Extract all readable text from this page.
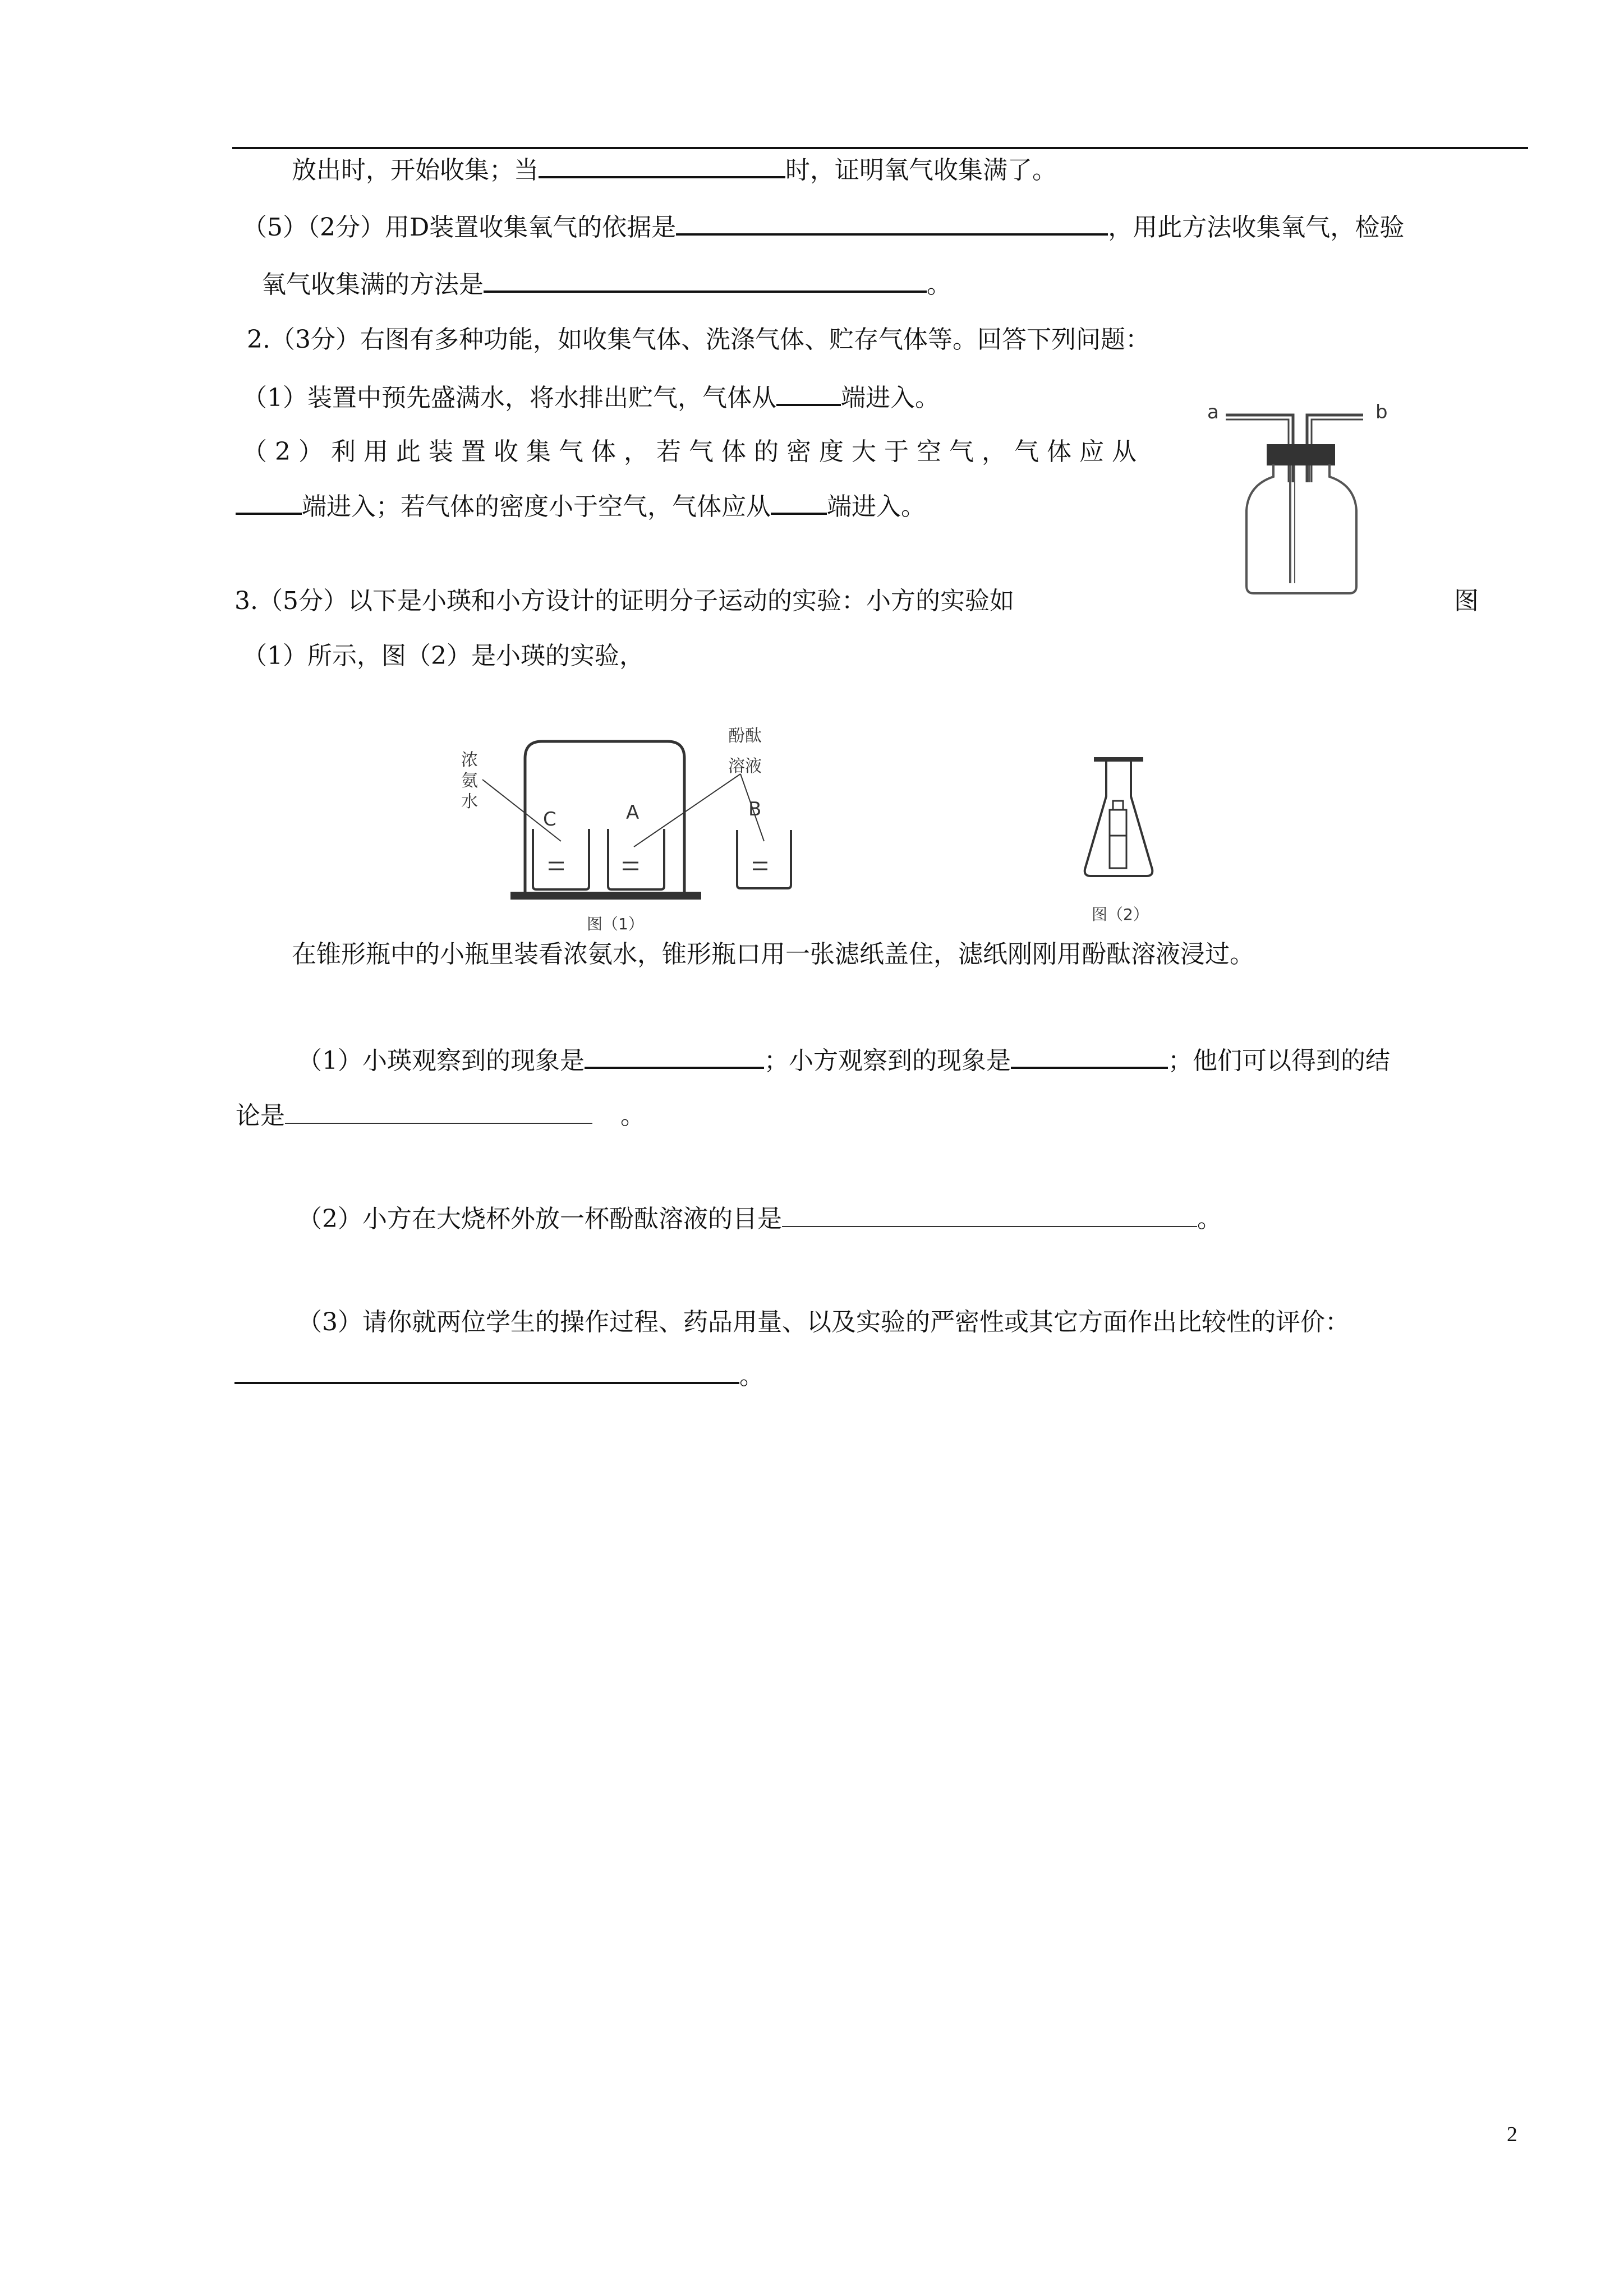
放出时，开始收集；当	时，证明氧气收集满了。
（5）（2分）用D装置收集氧气的依据是	，用此方法收集氧气，检验
氧气收集满的方法是	。
2.（3分）右图有多种功能，如收集气体、洗涤气体、贮存气体等。回答下列问题：
（1）装置中预先盛满水，将水排出贮气，气体从	端进入。
（2）利用此装置收集气体，若气体的密度大于空气，气体应从
端进入；若气体的密度小于空气，气体应从 端进入。
a	b
3.（5分）以下是小瑛和小方设计的证明分子运动的实验：小方的实验如	图
（1）所示，图（2）是小瑛的实验，
浓
氨
水
酚酞
溶液
C	A	B
图（1）
图（2）
在锥形瓶中的小瓶里装看浓氨水，锥形瓶口用一张滤纸盖住，滤纸刚刚用酚酞溶液浸过。
（1）小瑛观察到的现象是	；小方观察到的现象是	；他们可以得到的结
论是	。
（2）小方在大烧杯外放一杯酚酞溶液的目是	。
（3）请你就两位学生的操作过程、药品用量、以及实验的严密性或其它方面作出比较性的评价：
。
2
